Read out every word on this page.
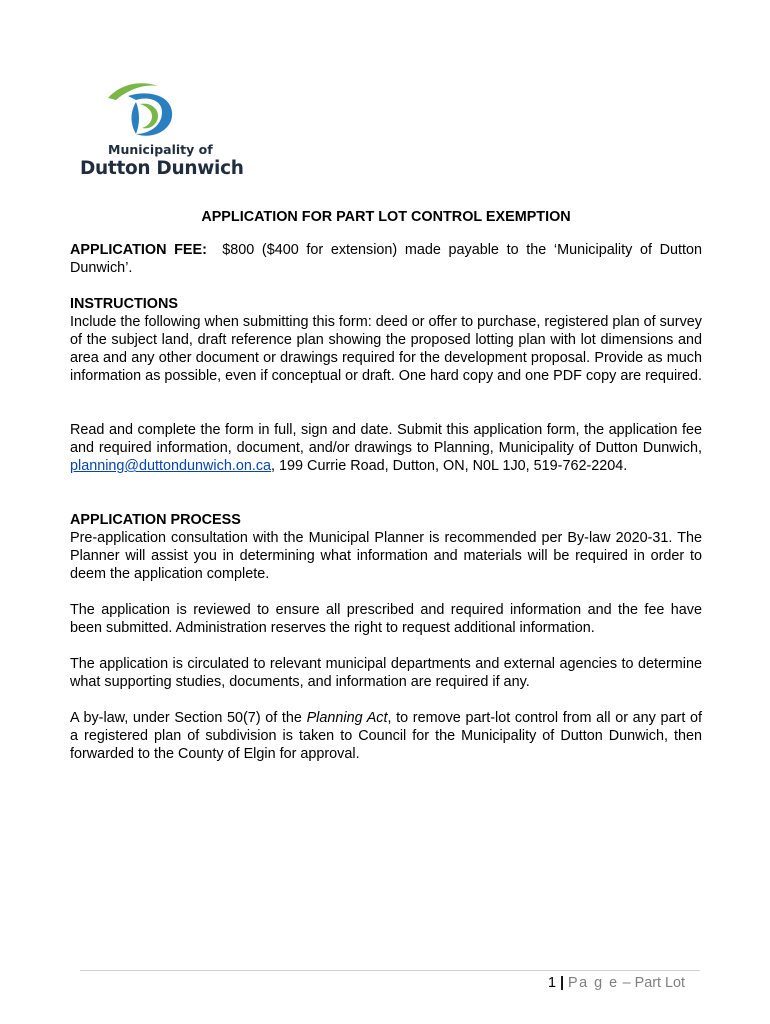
Municipality of
Dutton Dunwich
APPLICATION FOR PART LOT CONTROL EXEMPTION
APPLICATION FEE: $800 ($400 for extension) made payable to the ‘Municipality of Dutton Dunwich’.
INSTRUCTIONS
Include the following when submitting this form: deed or offer to purchase, registered plan of survey of the subject land, draft reference plan showing the proposed lotting plan with lot dimensions and area and any other document or drawings required for the development proposal. Provide as much information as possible, even if conceptual or draft. One hard copy and one PDF copy are required.
Read and complete the form in full, sign and date. Submit this application form, the application fee and required information, document, and/or drawings to Planning, Municipality of Dutton Dunwich, planning@duttondunwich.on.ca, 199 Currie Road, Dutton, ON, N0L 1J0, 519-762-2204.
APPLICATION PROCESS
Pre-application consultation with the Municipal Planner is recommended per By-law 2020-31. The Planner will assist you in determining what information and materials will be required in order to deem the application complete.
The application is reviewed to ensure all prescribed and required information and the fee have been submitted. Administration reserves the right to request additional information.
The application is circulated to relevant municipal departments and external agencies to determine what supporting studies, documents, and information are required if any.
A by-law, under Section 50(7) of the Planning Act, to remove part-lot control from all or any part of a registered plan of subdivision is taken to Council for the Municipality of Dutton Dunwich, then forwarded to the County of Elgin for approval.
1 | Pa g e – Part Lot
